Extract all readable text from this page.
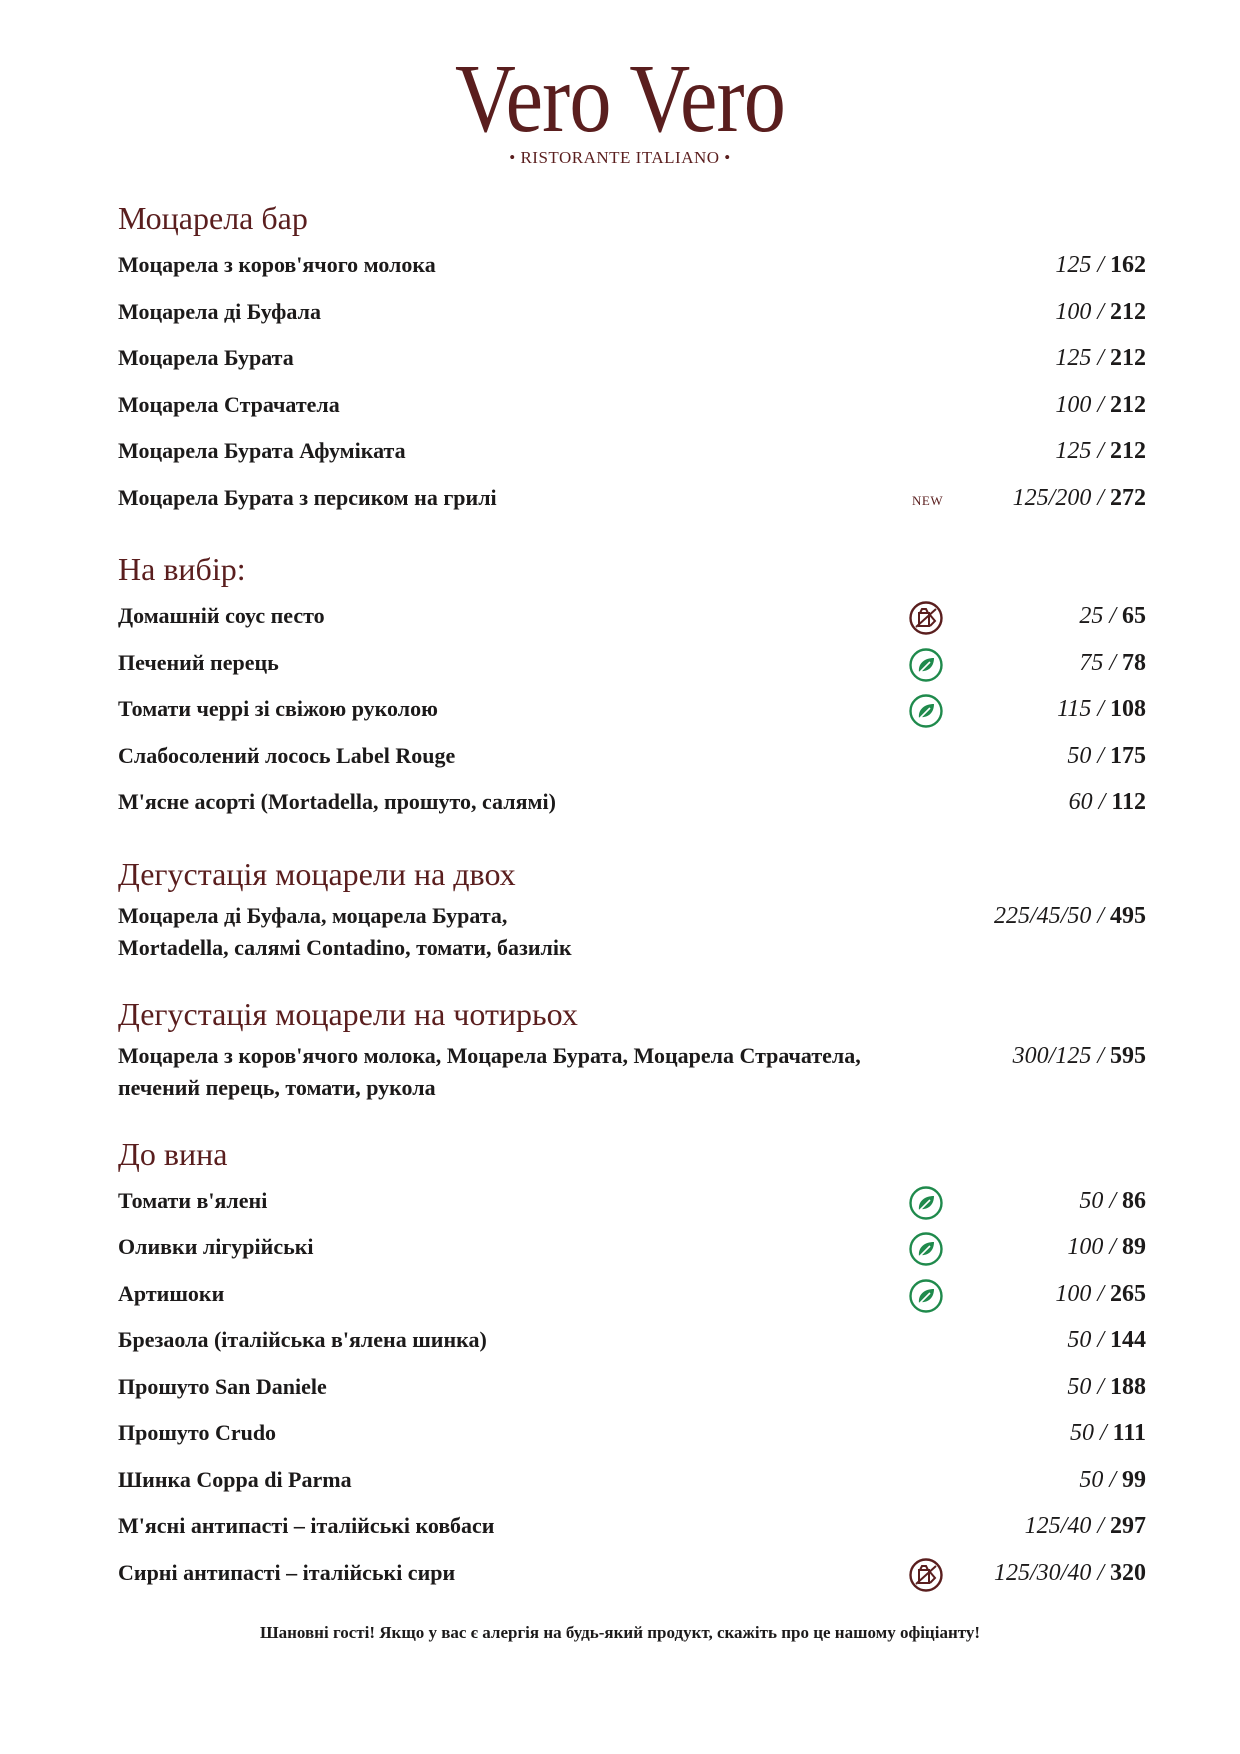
Vero Vero
• RISTORANTE ITALIANO •
Моцарела бар
Моцарела з коров'ячого молока	125 / 162
Моцарела ді Буфала	100 / 212
Моцарела Бурата	125 / 212
Моцарела Страчатела	100 / 212
Моцарела Бурата Афуміката	125 / 212
Моцарела Бурата з персиком на грилі	NEW	125/200 / 272
На вибір:
Домашній соус песто	25 / 65
Печений перець	75 / 78
Томати черрі зі свіжою руколою	115 / 108
Слабосолений лосось Label Rouge	50 / 175
М'ясне асорті (Mortadella, прошуто, салямі)	60 / 112
Дегустація моцарели на двох
Моцарела ді Буфала, моцарела Бурата,
Mortadella, салямі Contadino, томати, базилік
225/45/50 / 495
Дегустація моцарели на чотирьох
Моцарела з коров'ячого молока, Моцарела Бурата, Моцарела Страчатела,
печений перець, томати, рукола
300/125 / 595
До вина
Томати в'ялені	50 / 86
Оливки лігурійські	100 / 89
Артишоки	100 / 265
Брезаола (італійська в'ялена шинка)	50 / 144
Прошуто San Daniele	50 / 188
Прошуто Crudo	50 / 111
Шинка Coppa di Parma	50 / 99
М'ясні антипасті – італійські ковбаси	125/40 / 297
Сирні антипасті – італійські сири	125/30/40 / 320
Шановні гості! Якщо у вас є алергія на будь-який продукт, скажіть про це нашому офіціанту!
